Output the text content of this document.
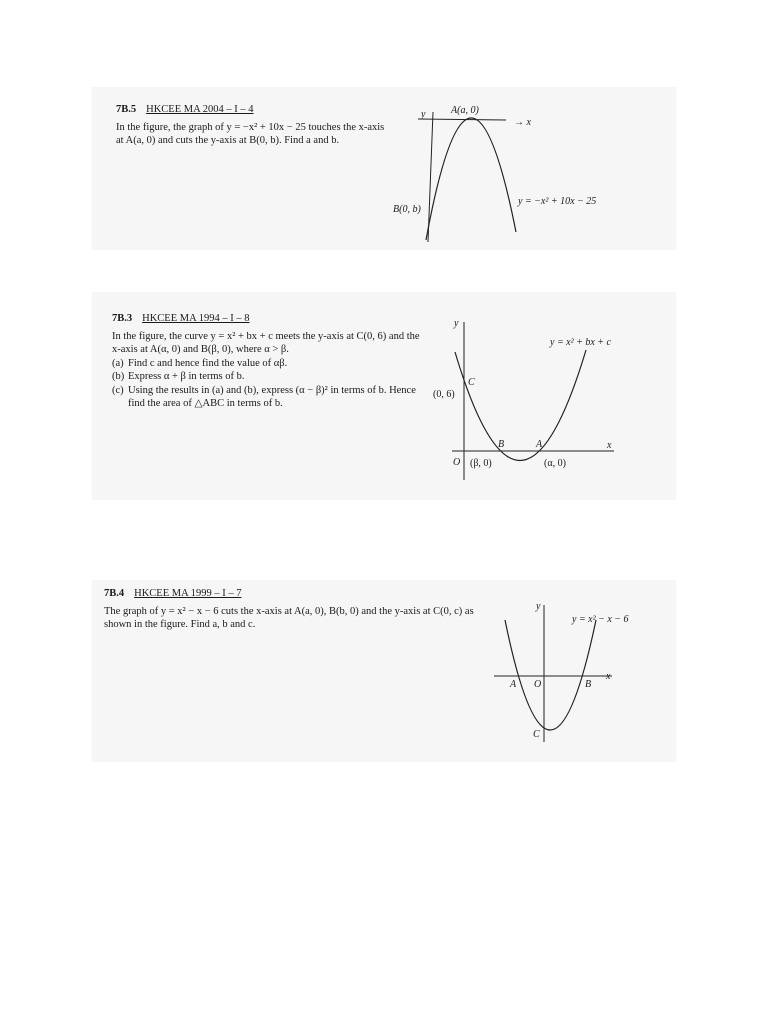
7B.5 HKCEE MA 2004 – I – 4
In the figure, the graph of y = −x² + 10x − 25 touches the x-axis at A(a, 0) and cuts the y-axis at B(0, b). Find a and b.
y
→ x
A(a, 0)
B(0, b)
y = −x² + 10x − 25
7B.3 HKCEE MA 1994 – I – 8
In the figure, the curve y = x² + bx + c meets the y-axis at C(0, 6) and the x-axis at A(α, 0) and B(β, 0), where α > β.
(a) Find c and hence find the value of αβ.
(b) Express α + β in terms of b.
(c) Using the results in (a) and (b), express (α − β)² in terms of b. Hence find the area of △ABC in terms of b.
y
x
O
C
(0, 6)
B
(β, 0)
A
(α, 0)
y = x² + bx + c
7B.4 HKCEE MA 1999 – I – 7
The graph of y = x² − x − 6 cuts the x-axis at A(a, 0), B(b, 0) and the y-axis at C(0, c) as shown in the figure. Find a, b and c.
y
x
A O	B
C
y = x² − x − 6
